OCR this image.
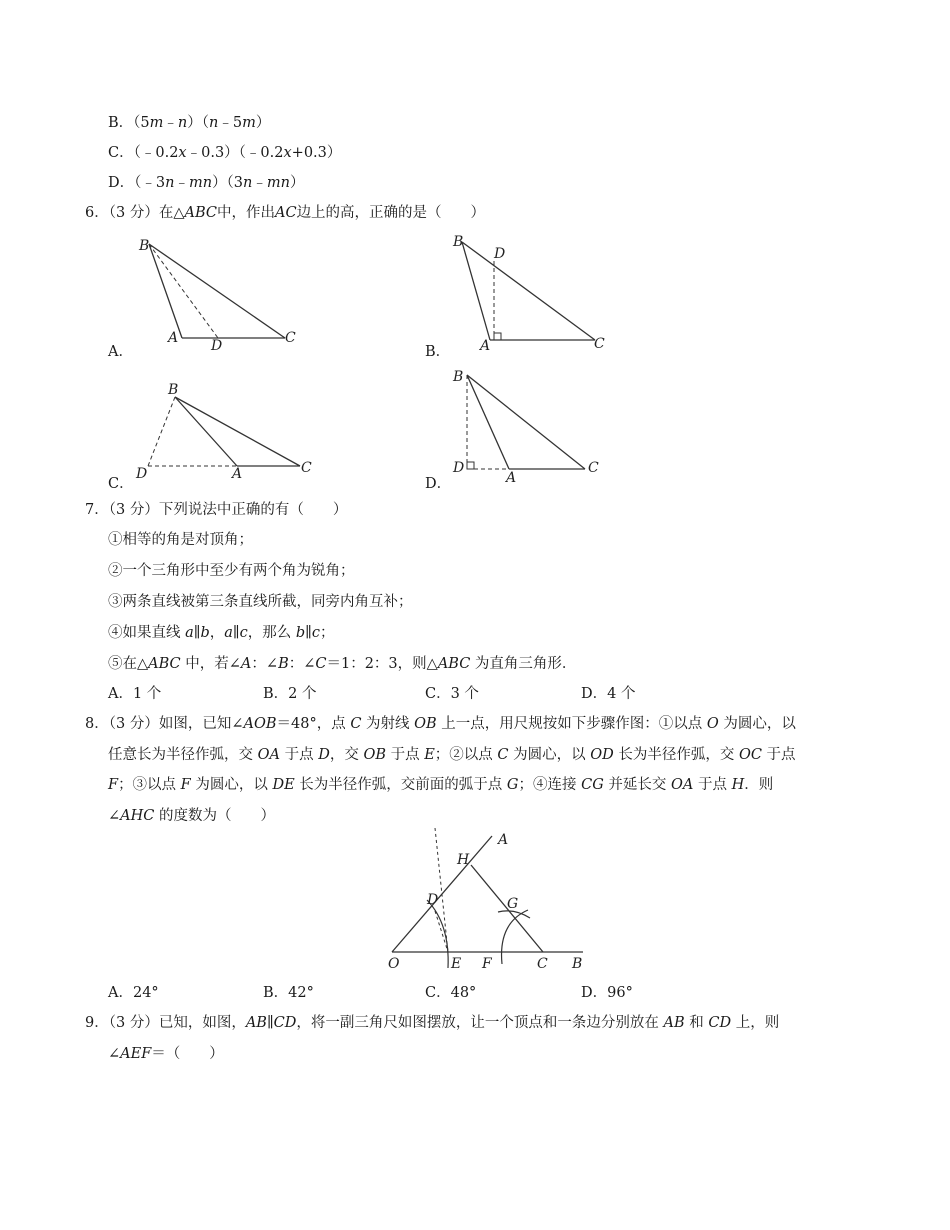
B．（5m﹣n）（n﹣5m）
C．（﹣0.2x﹣0.3）（﹣0.2x+0.3）
D．（﹣3n﹣mn）（3n﹣mn）
6．（3 分）在△ABC中，作出AC边上的高，正确的是（　　）
A．
B
A D	C
B．
B
D
A	C
C．
B
D	A	C
D．
B
D
A
C
7．（3 分）下列说法中正确的有（　　）
①相等的角是对顶角；
②一个三角形中至少有两个角为锐角；
③两条直线被第三条直线所截，同旁内角互补；
④如果直线 a∥b，a∥c，那么 b∥c；
⑤在△ABC 中，若∠A：∠B：∠C＝1：2：3，则△ABC 为直角三角形．
A．1 个	B．2 个	C．3 个	D．4 个
8．（3 分）如图，已知∠AOB＝48°，点 C 为射线 OB 上一点，用尺规按如下步骤作图：①以点 O 为圆心，以
任意长为半径作弧，交 OA 于点 D，交 OB 于点 E；②以点 C 为圆心，以 OD 长为半径作弧，交 OC 于点
F；③以点 F 为圆心，以 DE 长为半径作弧，交前面的弧于点 G；④连接 CG 并延长交 OA 于点 H．则
∠AHC 的度数为（　　）
A
H
D	G
O	E F	C B
A．24°	B．42°	C．48°	D．96°
9．（3 分）已知，如图，AB∥CD，将一副三角尺如图摆放，让一个顶点和一条边分别放在 AB 和 CD 上，则
∠AEF＝（　　）
